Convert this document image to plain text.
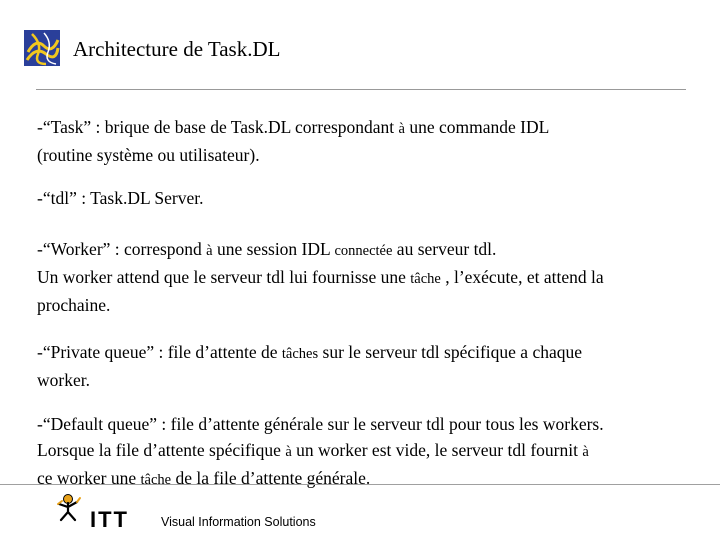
Architecture de Task.DL
-“Task” : brique de base de Task.DL correspondant à une commande IDL
(routine système ou utilisateur).
-“tdl” : Task.DL Server.
-“Worker” : correspond à une session IDL connectée au serveur tdl.
Un worker attend que le serveur tdl lui fournisse une tâche , l’exécute, et attend la
prochaine.
-“Private queue” : file d’attente de tâches sur le serveur tdl spécifique a chaque
worker.
-“Default queue” : file d’attente générale sur le serveur tdl pour tous les workers.
Lorsque la file d’attente spécifique à un worker est vide, le serveur tdl fournit à
ce worker une tâche de la file d’attente générale.
ITT	Visual Information Solutions
